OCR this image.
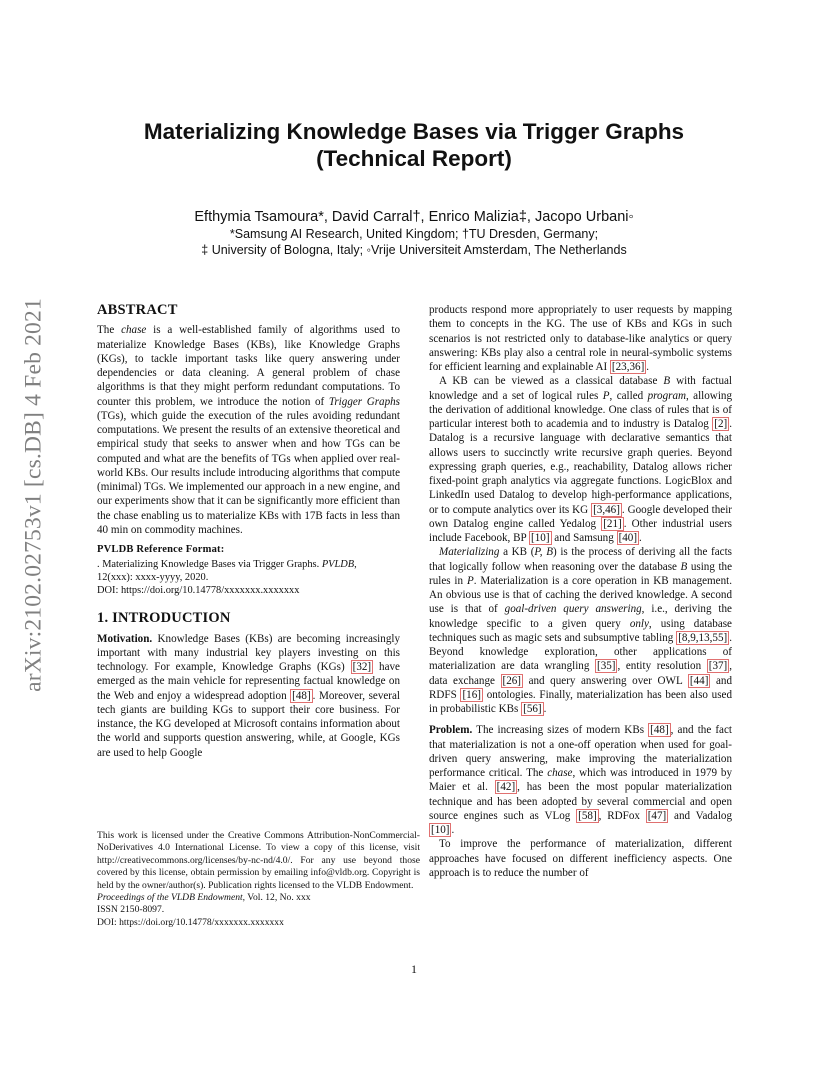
arXiv:2102.02753v1 [cs.DB] 4 Feb 2021
Materializing Knowledge Bases via Trigger Graphs
(Technical Report)
Efthymia Tsamoura*, David Carral†, Enrico Malizia‡, Jacopo Urbani◦
*Samsung AI Research, United Kingdom; †TU Dresden, Germany;
‡ University of Bologna, Italy; ◦Vrije Universiteit Amsterdam, The Netherlands
ABSTRACT

The chase is a well-established family of algorithms used to materialize Knowledge Bases (KBs), like Knowledge Graphs (KGs), to tackle important tasks like query answering under dependencies or data cleaning. A general problem of chase algorithms is that they might perform redundant computations. To counter this problem, we introduce the notion of Trigger Graphs (TGs), which guide the execution of the rules avoiding redundant computations. We present the results of an extensive theoretical and empirical study that seeks to answer when and how TGs can be computed and what are the benefits of TGs when applied over real-world KBs. Our results include introducing algorithms that compute (minimal) TGs. We implemented our approach in a new engine, and our experiments show that it can be significantly more efficient than the chase enabling us to materialize KBs with 17B facts in less than 40 min on commodity machines.

PVLDB Reference Format:
. Materializing Knowledge Bases via Trigger Graphs. PVLDB,
12(xxx): xxxx-yyyy, 2020.
DOI: https://doi.org/10.14778/xxxxxxx.xxxxxxx
1. INTRODUCTION

Motivation. Knowledge Bases (KBs) are becoming increasingly important with many industrial key players investing on this technology. For example, Knowledge Graphs (KGs) [32] have emerged as the main vehicle for representing factual knowledge on the Web and enjoy a widespread adoption [48] . Moreover, several tech giants are building KGs to support their core business. For instance, the KG developed at Microsoft contains information about the world and supports question answering, while, at Google, KGs are used to help Google

This work is licensed under the Creative Commons Attribution-NonCommercial-NoDerivatives 4.0 International License. To view a copy of this license, visit http://creativecommons.org/licenses/by-nc-nd/4.0/. For any use beyond those covered by this license, obtain permission by emailing info@vldb.org. Copyright is held by the owner/author(s). Publication rights licensed to the VLDB Endowment.

Proceedings of the VLDB Endowment, Vol. 12, No. xxx

ISSN 2150-8097.

DOI: https://doi.org/10.14778/xxxxxxx.xxxxxxx

products respond more appropriately to user requests by mapping them to concepts in the KG. The use of KBs and KGs in such scenarios is not restricted only to database-like analytics or query answering: KBs play also a central role in neural-symbolic systems for efficient learning and explainable AI [23,36] .

A KB can be viewed as a classical database B with factual knowledge and a set of logical rules P, called program, allowing the derivation of additional knowledge. One class of rules that is of particular interest both to academia and to industry is Datalog [2] . Datalog is a recursive language with declarative semantics that allows users to succinctly write recursive graph queries. Beyond expressing graph queries, e.g., reachability, Datalog allows richer fixed-point graph analytics via aggregate functions. LogicBlox and LinkedIn used Datalog to develop high-performance applications, or to compute analytics over its KG [3,46] . Google developed their own Datalog engine called Yedalog [21] . Other industrial users include Facebook, BP [10] and Samsung [40] .

Materializing a KB (P, B) is the process of deriving all the facts that logically follow when reasoning over the database B using the rules in P. Materialization is a core operation in KB management. An obvious use is that of caching the derived knowledge. A second use is that of goal-driven query answering, i.e., deriving the knowledge specific to a given query only, using database techniques such as magic sets and subsumptive tabling [8,9,13,55] . Beyond knowledge exploration, other applications of materialization are data wrangling [35] , entity resolution [37] , data exchange [26] and query answering over OWL [44] and RDFS [16] ontologies. Finally, materialization has been also used in probabilistic KBs [56] .

Problem. The increasing sizes of modern KBs [48] , and the fact that materialization is not a one-off operation when used for goal-driven query answering, make improving the materialization performance critical. The chase, which was introduced in 1979 by Maier et al. [42] , has been the most popular materialization technique and has been adopted by several commercial and open source engines such as VLog [58] , RDFox [47] and Vadalog [10] .

To improve the performance of materialization, different approaches have focused on different inefficiency aspects. One approach is to reduce the number of

1
